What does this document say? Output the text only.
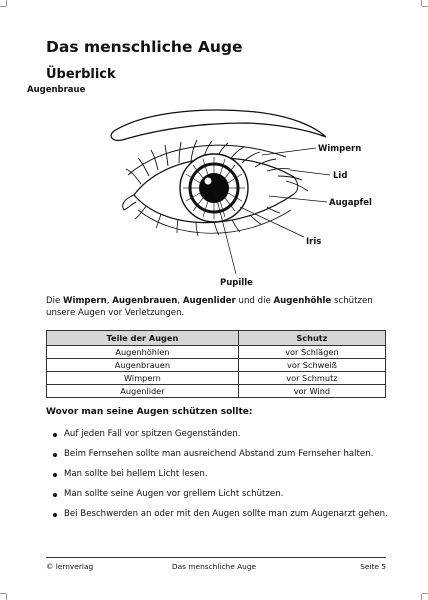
Das menschliche Auge
Überblick
Augenbraue
Wimpern
Lid
Augapfel
Iris
Pupille

Die Wimpern, Augenbrauen, Augenlider und die Augenhöhle schützen unsere Augen vor Verletzungen.

Teile der Augen	Schutz
Augenhöhlen	vor Schlägen
Augenbrauen	vor Schweiß
Wimpern	vor Schmutz
Augenlider	vor Wind
Wovor man seine Augen schützen sollte:
Auf jeden Fall vor spitzen Gegenständen.
Beim Fernsehen sollte man ausreichend Abstand zum Fernseher halten.
Man sollte bei hellem Licht lesen.
Man sollte seine Augen vor grellem Licht schützen.
Bei Beschwerden an oder mit den Augen sollte man zum Augenarzt gehen.
© lernverlag	Das menschliche Auge	Seite 5
